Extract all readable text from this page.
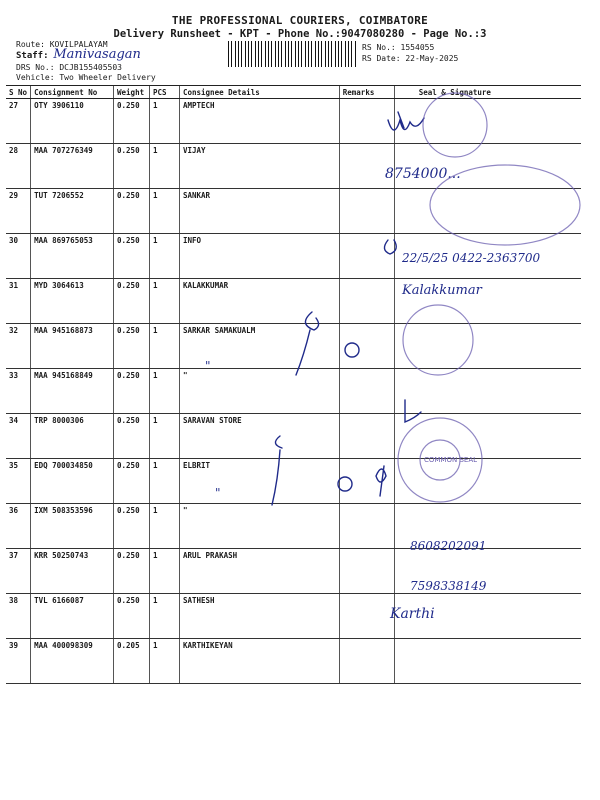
THE PROFESSIONAL COURIERS, COIMBATORE
Delivery Runsheet - KPT - Phone No.:9047080280 - Page No.:3
Route: KOVILPALAYAM
Staff: Manivasagan
DRS No.: DCJB155405503
Vehicle: Two Wheeler Delivery
RS No.: 1554055
RS Date: 22-May-2025
S No	Consignment No	Weight	PCS	Consignee Details	Remarks	Seal & Signature
27	OTY 3906110	0.250	1	AMPTECH		
28	MAA 707276349	0.250	1	VIJAY		
29	TUT 7206552	0.250	1	SANKAR		
30	MAA 869765053	0.250	1	INFO		
31	MYD 3064613	0.250	1	KALAKKUMAR		
32	MAA 945168873	0.250	1	SARKAR SAMAKUALM		
33	MAA 945168849	0.250	1	"		
34	TRP 8000306	0.250	1	SARAVAN STORE		
35	EDQ 700034850	0.250	1	ELBRIT		
36	IXM 508353596	0.250	1	"		
37	KRR 50250743	0.250	1	ARUL PRAKASH		
38	TVL 6166087	0.250	1	SATHESH		
39	MAA 400098309	0.205	1	KARTHIKEYAN		
8754000...
22/5/25 0422-2363700
Kalakkumar
8608202091
7598338149
Karthi
"
"
COMMON SEAL
